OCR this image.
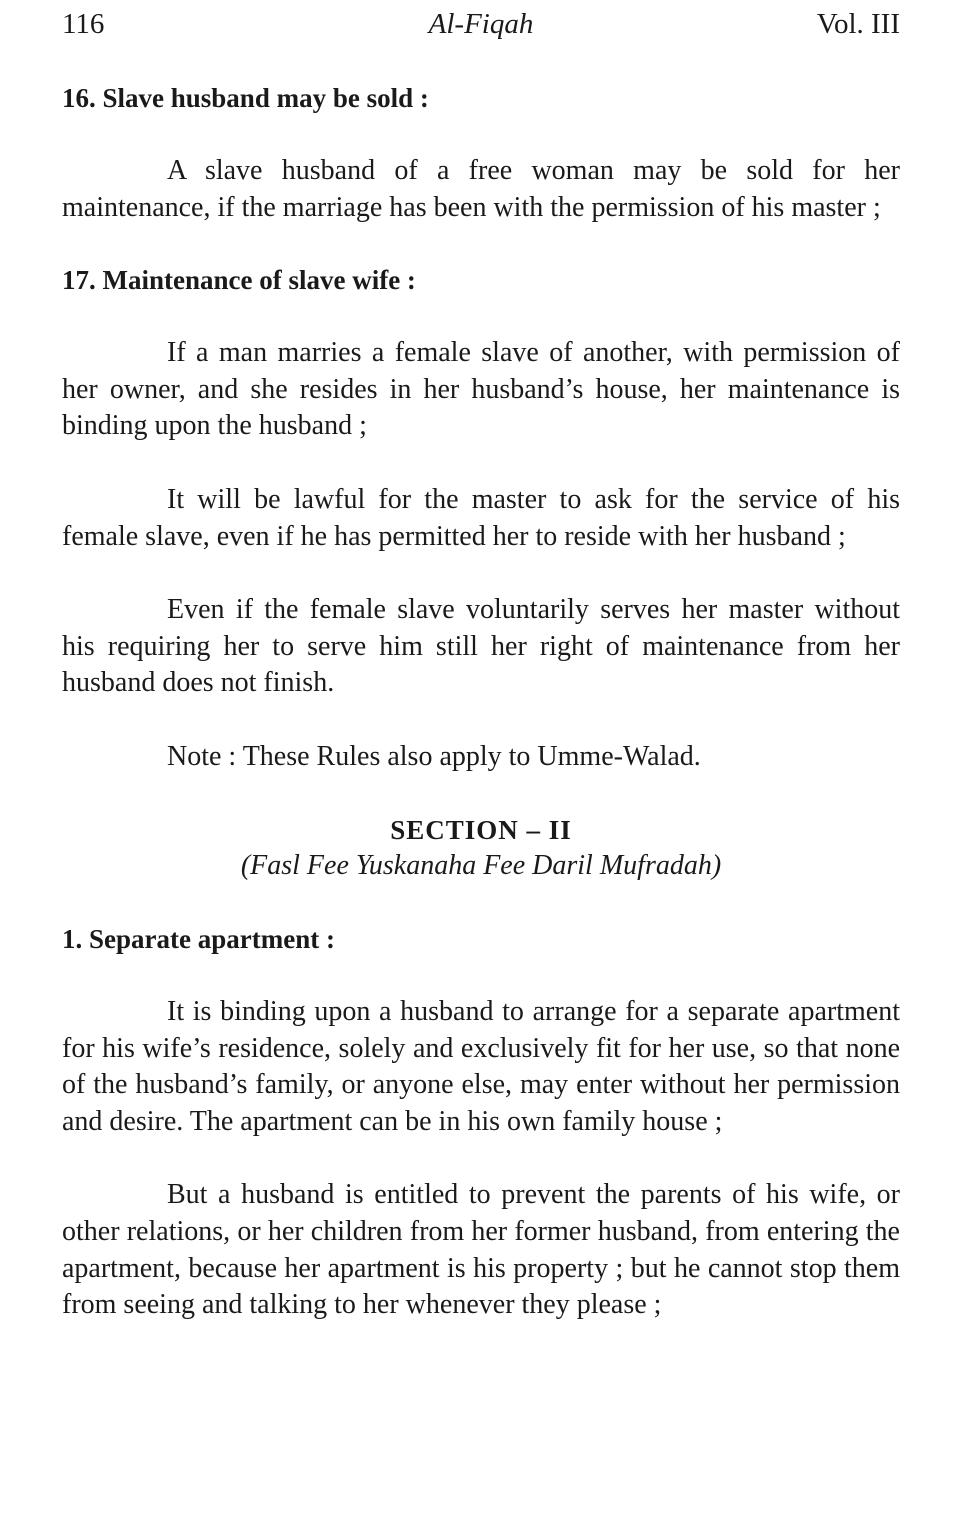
116	Al-Fiqah	Vol. III

16. Slave husband may be sold :

A slave husband of a free woman may be sold for her maintenance, if the marriage has been with the permission of his master ;

17. Maintenance of slave wife :

If a man marries a female slave of another, with permission of her owner, and she resides in her husband’s house, her maintenance is binding upon the husband ;

It will be lawful for the master to ask for the service of his female slave, even if he has permitted her to reside with her husband ;

Even if the female slave voluntarily serves her master without his requiring her to serve him still her right of maintenance from her husband does not finish.

Note : These Rules also apply to Umme-Walad.

SECTION – II

(Fasl Fee Yuskanaha Fee Daril Mufradah)

1. Separate apartment :

It is binding upon a husband to arrange for a separate apartment for his wife’s residence, solely and exclusively fit for her use, so that none of the husband’s family, or anyone else, may enter without her permission and desire. The apartment can be in his own family house ;

But a husband is entitled to prevent the parents of his wife, or other relations, or her children from her former husband, from entering the apartment, because her apartment is his property ; but he cannot stop them from seeing and talking to her whenever they please ;
